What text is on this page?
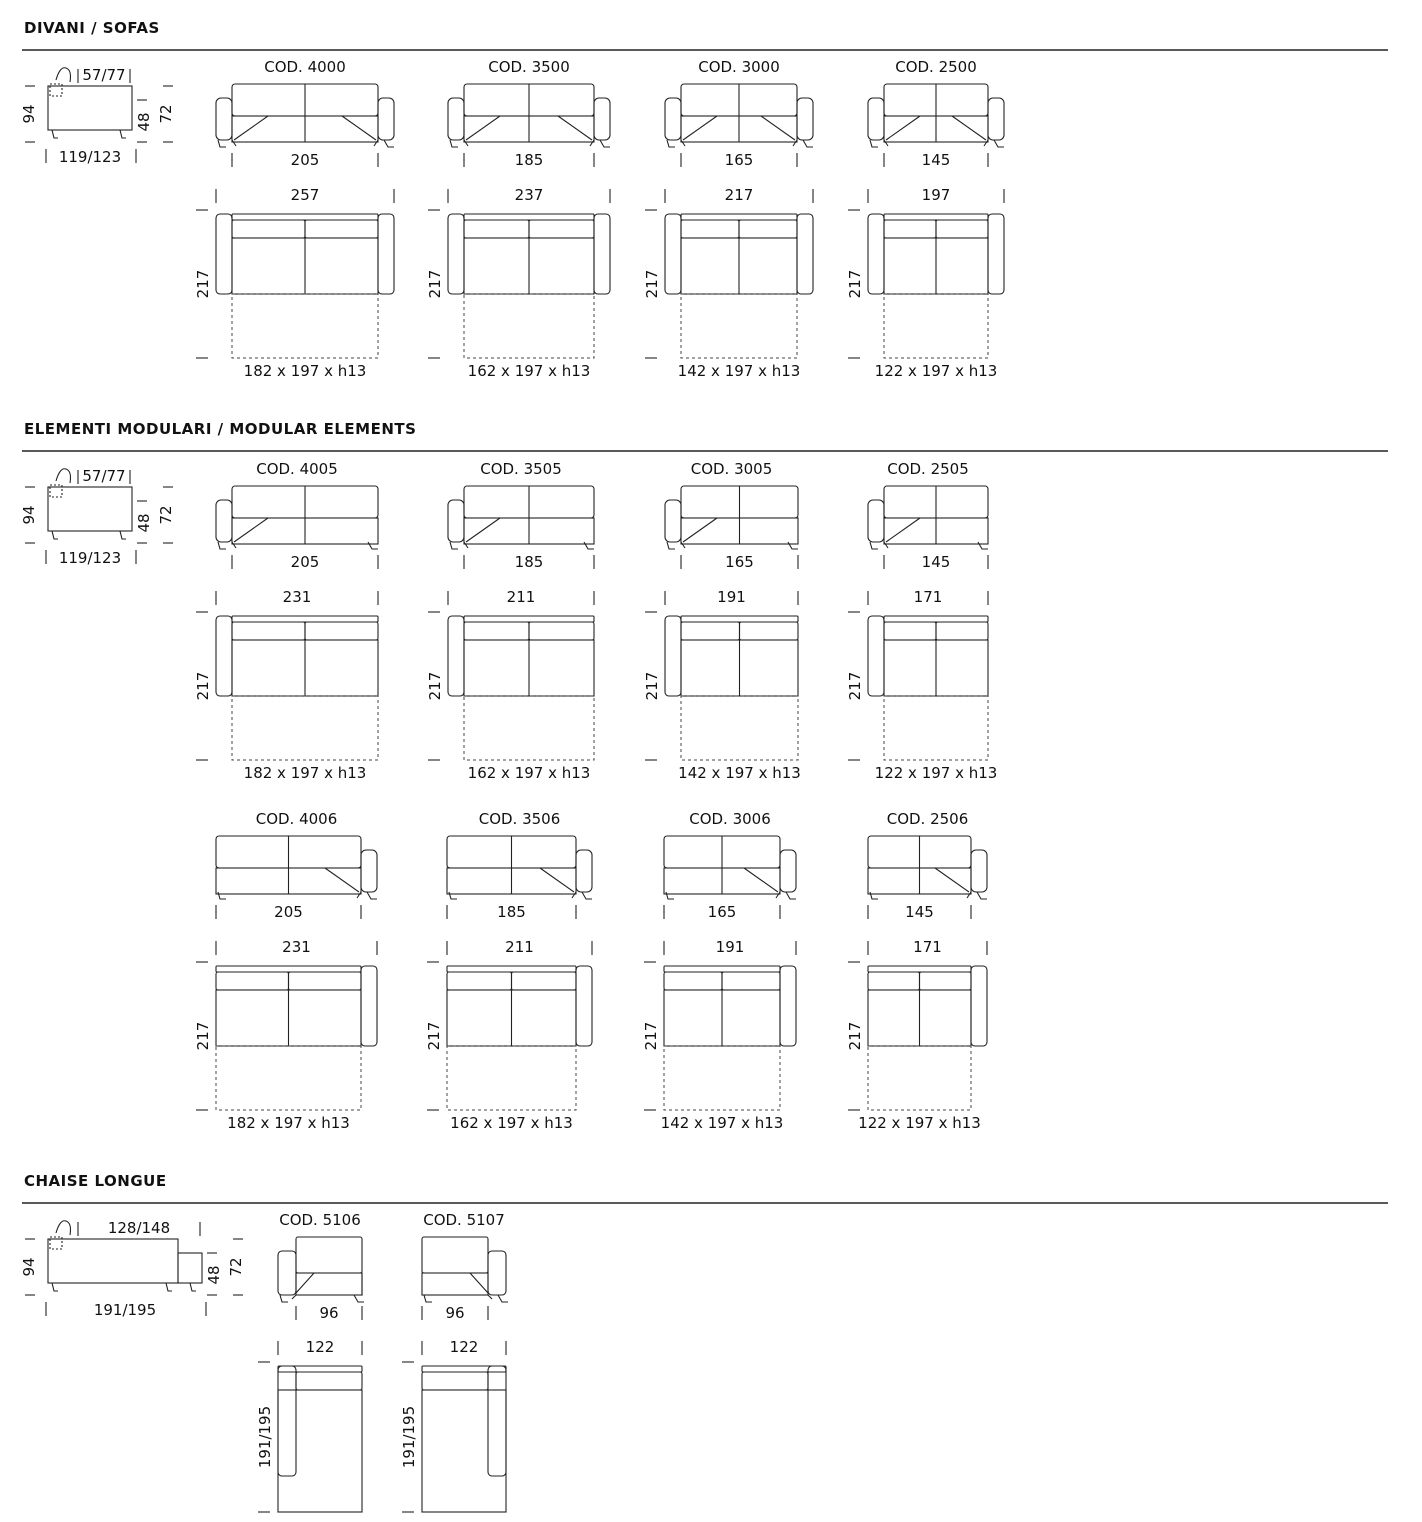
DIVANI / SOFAS
57/77
94	48 72
119/123	205
COD. 4000
257
217
182 x 197 x h13
185
COD. 3500
237
217
162 x 197 x h13
165
COD. 3000
217
217
142 x 197 x h13
145
COD. 2500
197
217
122 x 197 x h13
ELEMENTI MODULARI / MODULAR ELEMENTS
57/77
94	48 72
119/123	205
COD. 4005
231
217
182 x 197 x h13
185
COD. 3505
211
217
162 x 197 x h13
165
COD. 3005
191
217
142 x 197 x h13
145
COD. 2505
171
217
122 x 197 x h13
205
COD. 4006
231
217
182 x 197 x h13
185
COD. 3506
211
217
162 x 197 x h13
165
COD. 3006
191
217
142 x 197 x h13
145
COD. 2506
171
217
122 x 197 x h13
CHAISE LONGUE
128/148
94	48 72
191/195	96
COD. 5106
122
191/195
96
COD. 5107
122
191/195
